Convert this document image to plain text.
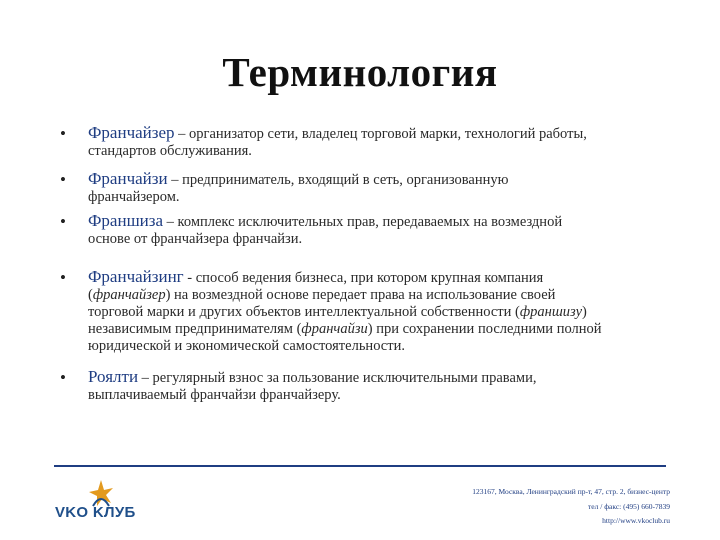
Терминология
• Франчайзер – организатор сети, владелец торговой марки, технологий работы,
стандартов обслуживания.
• Франчайзи – предприниматель, входящий в сеть, организованную
франчайзером.
• Франшиза – комплекс исключительных прав, передаваемых на возмездной
основе от франчайзера франчайзи.
• Франчайзинг - способ ведения бизнеса, при котором крупная компания
(франчайзер) на возмездной основе передает права на использование своей
торговой марки и других объектов интеллектуальной собственности (франшизу)
независимым предпринимателям (франчайзи) при сохранении последними полной
юридической и экономической самостоятельности.
• Роялти – регулярный взнос за пользование исключительными правами,
выплачиваемый франчайзи франчайзеру.
VKO KЛУБ
123167, Москва, Ленинградский пр-т, 47, стр. 2, бизнес-центр
тел / факс: (495) 660-7839
http://www.vkoclub.ru
